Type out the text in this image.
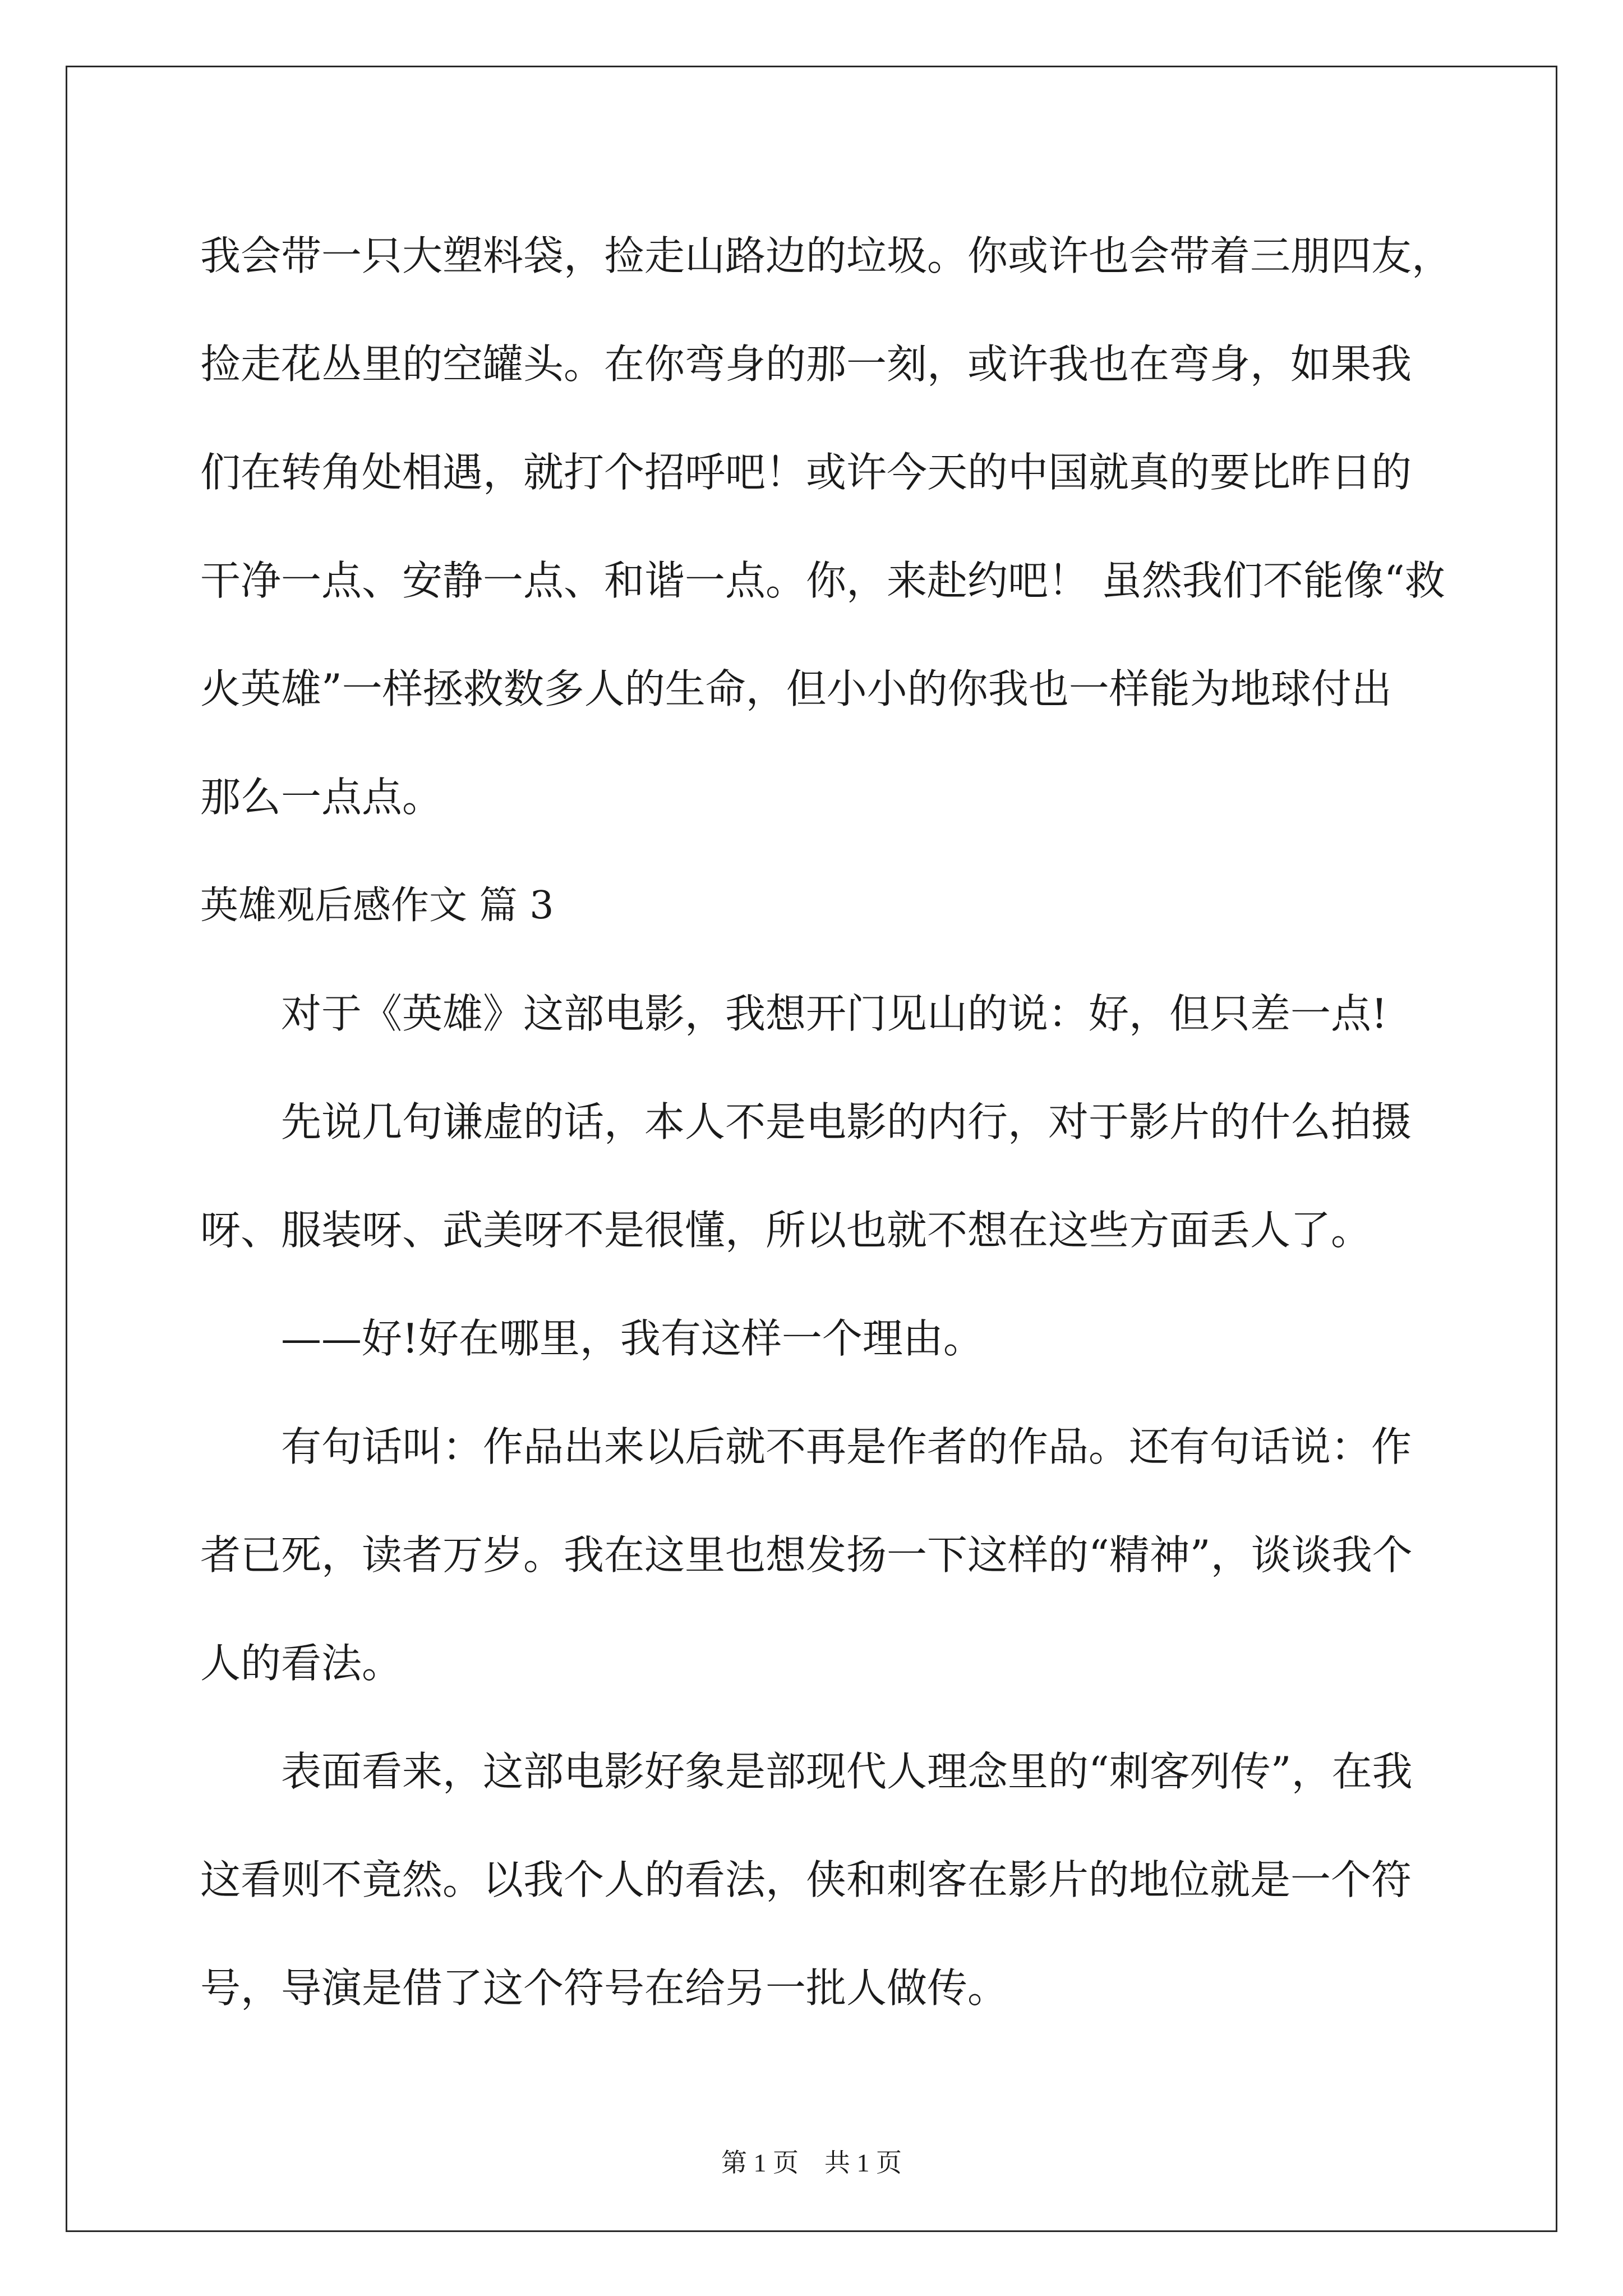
我会带一只大塑料袋，捡走山路边的垃圾。你或许也会带着三朋四友，
捡走花丛里的空罐头。在你弯身的那一刻，或许我也在弯身，如果我
们在转角处相遇，就打个招呼吧！或许今天的中国就真的要比昨日的
干净一点、安静一点、和谐一点。你，来赴约吧！ 虽然我们不能像“救
火英雄”一样拯救数多人的生命，但小小的你我也一样能为地球付出
那么一点点。
英雄观后感作文 篇 3
对于《英雄》这部电影，我想开门见山的说：好，但只差一点!
先说几句谦虚的话，本人不是电影的内行，对于影片的什么拍摄
呀、服装呀、武美呀不是很懂，所以也就不想在这些方面丢人了。
——好!好在哪里，我有这样一个理由。
有句话叫：作品出来以后就不再是作者的作品。还有句话说：作
者已死，读者万岁。我在这里也想发扬一下这样的“精神”，谈谈我个
人的看法。
表面看来，这部电影好象是部现代人理念里的“刺客列传”，在我
这看则不竟然。以我个人的看法，侠和刺客在影片的地位就是一个符
号，导演是借了这个符号在给另一批人做传。
第 1 页    共 1 页
